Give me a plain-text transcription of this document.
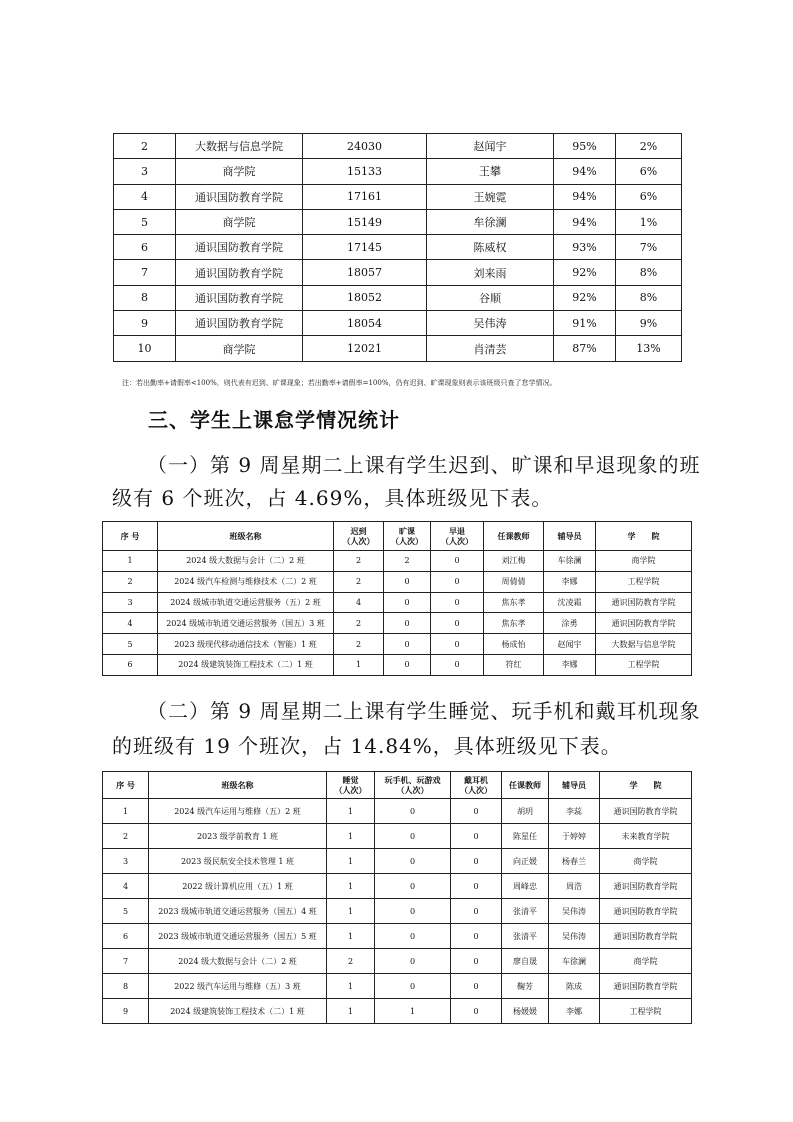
2	大数据与信息学院	24030	赵闻宇	95%	2%
3	商学院	15133	王攀	94%	6%
4	通识国防教育学院	17161	王婉霓	94%	6%
5	商学院	15149	牟徐澜	94%	1%
6	通识国防教育学院	17145	陈威权	93%	7%
7	通识国防教育学院	18057	刘来雨	92%	8%
8	通识国防教育学院	18052	谷顺	92%	8%
9	通识国防教育学院	18054	吴伟涛	91%	9%
10	商学院	12021	肖清芸	87%	13%
注：若出勤率+请假率<100%，则代表有迟到、旷课现象；若出勤率+请假率=100%，仍有迟到、旷课现象则表示该班级只查了怠学情况。
三、学生上课怠学情况统计
（一）第 9 周星期二上课有学生迟到、旷课和早退现象的班
级有 6 个班次，占 4.69%，具体班级见下表。
序 号	班级名称	迟到
（人次）	旷课
（人次）	早退
（人次）	任课教师	辅导员	学　　院
1	2024 级大数据与会计（二）2 班	2	2	0	刘江梅	车徐澜	商学院
2	2024 级汽车检测与维修技术（二）2 班	2	0	0	周倩倩	李娜	工程学院
3	2024 级城市轨道交通运营服务（五）2 班	4	0	0	焦东孝	沈凌霜	通识国防教育学院
4	2024 级城市轨道交通运营服务（国五）3 班	2	0	0	焦东孝	涂勇	通识国防教育学院
5	2023 级现代移动通信技术（智能）1 班	2	0	0	杨成怡	赵闻宇	大数据与信息学院
6	2024 级建筑装饰工程技术（二）1 班	1	0	0	符红	李娜	工程学院
（二）第 9 周星期二上课有学生睡觉、玩手机和戴耳机现象
的班级有 19 个班次，占 14.84%，具体班级见下表。
序 号	班级名称	睡觉
（人次）	玩手机、玩游戏
（人次）	戴耳机
（人次）	任课教师	辅导员	学　　院
1	2024 级汽车运用与维修（五）2 班	1	0	0	胡玥	李蕊	通识国防教育学院
2	2023 级学前教育 1 班	1	0	0	陈星任	于婷婷	未来教育学院
3	2023 级民航安全技术管理 1 班	1	0	0	向正媛	杨春兰	商学院
4	2022 级计算机应用（五）1 班	1	0	0	周峰忠	周浩	通识国防教育学院
5	2023 级城市轨道交通运营服务（国五）4 班	1	0	0	张清平	吴伟涛	通识国防教育学院
6	2023 级城市轨道交通运营服务（国五）5 班	1	0	0	张清平	吴伟涛	通识国防教育学院
7	2024 级大数据与会计（二）2 班	2	0	0	廖自晟	车徐澜	商学院
8	2022 级汽车运用与维修（五）3 班	1	0	0	鞠芳	陈成	通识国防教育学院
9	2024 级建筑装饰工程技术（二）1 班	1	1	0	杨媛媛	李娜	工程学院
